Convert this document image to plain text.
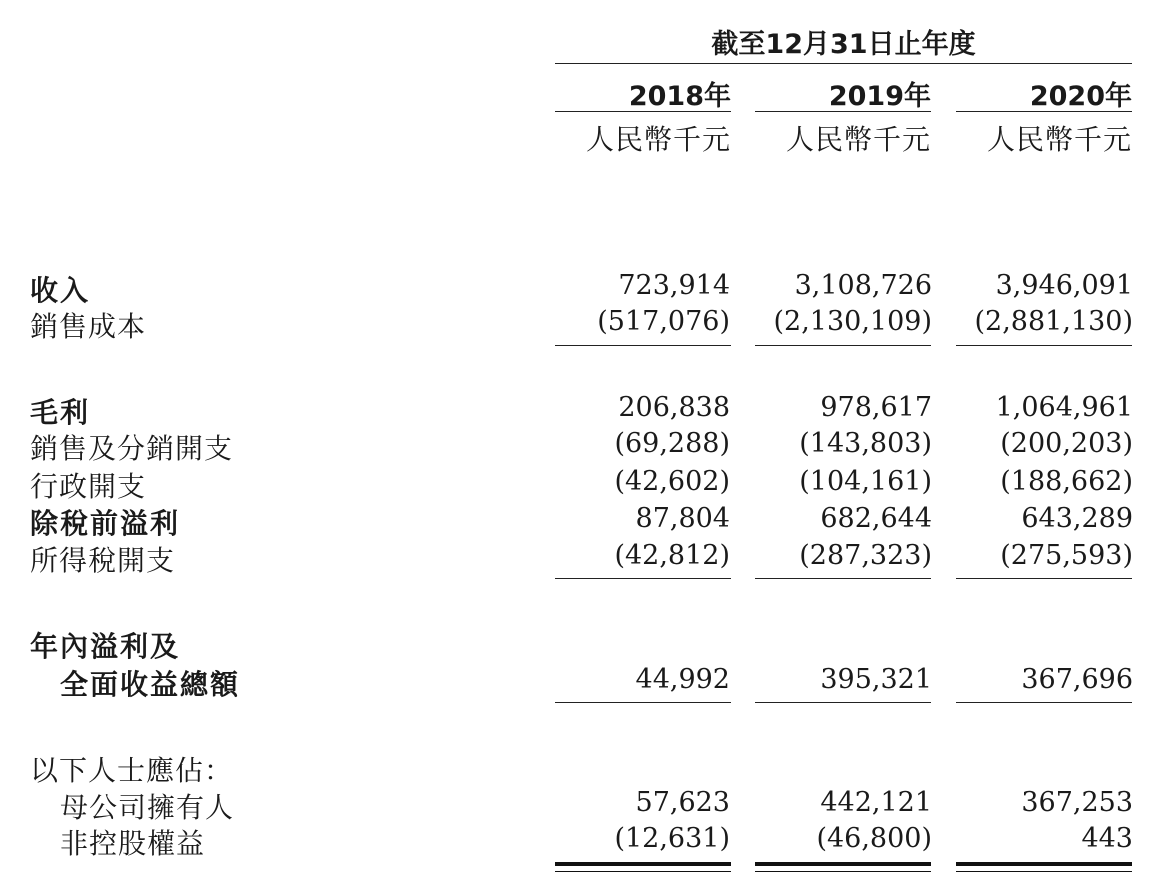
截至12月31日止年度
2018年	2019年	2020年
人民幣千元	人民幣千元	人民幣千元
收入	723,914	3,108,726	3,946,091
銷售成本	(517,076)	(2,130,109)	(2,881,130)
毛利	206,838	978,617	1,064,961
銷售及分銷開支	(69,288)	(143,803)	(200,203)
行政開支	(42,602)	(104,161)	(188,662)
除稅前溢利	87,804	682,644	643,289
所得稅開支	(42,812)	(287,323)	(275,593)
年內溢利及
全面收益總額	44,992	395,321	367,696
以下人士應佔：
母公司擁有人	57,623	442,121	367,253
非控股權益	(12,631)	(46,800)	443
